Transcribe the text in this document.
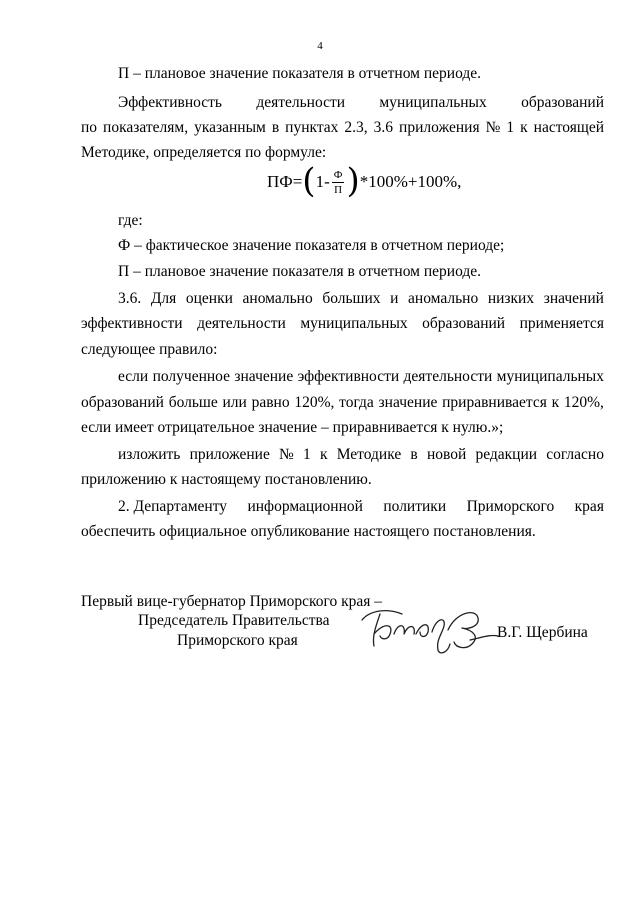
4
П – плановое значение показателя в отчетном периоде.
Эффективность деятельности муниципальных образований
по показателям, указанным в пунктах 2.3, 3.6 приложения № 1 к настоящей
Методике, определяется по формуле:
ПФ= ( $1- \frac{Ф}{П}$ ) *100%+100%,
где:
Ф – фактическое значение показателя в отчетном периоде;
П – плановое значение показателя в отчетном периоде.
3.6. Для оценки аномально больших и аномально низких значений
эффективности деятельности муниципальных образований применяется
следующее правило:
если полученное значение эффективности деятельности муниципальных
образований больше или равно 120%, тогда значение приравнивается к 120%,
если имеет отрицательное значение – приравнивается к нулю.»;
изложить приложение № 1 к Методике в новой редакции согласно
приложению к настоящему постановлению.
2. Департаменту информационной политики Приморского края
обеспечить официальное опубликование настоящего постановления.
Первый вице-губернатор Приморского края –
Председатель Правительства
Приморского края	В.Г. Щербина
